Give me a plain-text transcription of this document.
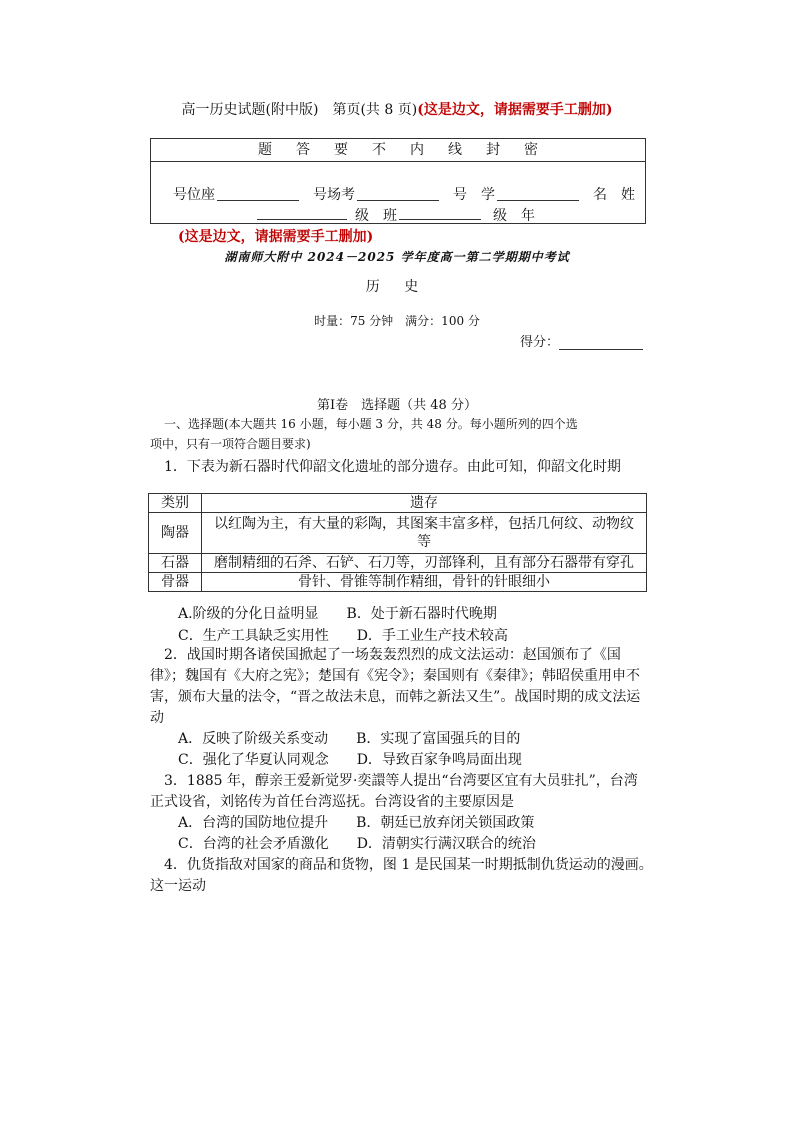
高一历史试题(附中版)　第页(共 8 页)(这是边文，请据需要手工删加)
题 答 要 不 内 线 封 密
号位座	号场考	号　学	名　姓
级　班	级　年
(这是边文，请据需要手工删加)
湖南师大附中 2024－2025 学年度高一第二学期期中考试
历 史
时量：75 分钟　满分：100 分
得分：
第Ⅰ卷　选择题（共 48 分）
一、选择题(本大题共 16 小题，每小题 3 分，共 48 分。每小题所列的四个选
项中，只有一项符合题目要求)
1．下表为新石器时代仰韶文化遗址的部分遗存。由此可知，仰韶文化时期
类别	遗存
陶器	以红陶为主，有大量的彩陶，其图案丰富多样，包括几何纹、动物纹等
石器	磨制精细的石斧、石铲、石刀等，刃部锋利，且有部分石器带有穿孔
骨器	骨针、骨锥等制作精细，骨针的针眼细小
A.阶级的分化日益明显　　B．处于新石器时代晚期
C．生产工具缺乏实用性　　D．手工业生产技术较高
2．战国时期各诸侯国掀起了一场轰轰烈烈的成文法运动：赵国颁布了《国
律》；魏国有《大府之宪》；楚国有《宪令》；秦国则有《秦律》；韩昭侯重用申不
害，颁布大量的法令，“晋之故法未息，而韩之新法又生”。战国时期的成文法运
动
A．反映了阶级关系变动　　B．实现了富国强兵的目的
C．强化了华夏认同观念　　D．导致百家争鸣局面出现
3．1885 年，醇亲王爱新觉罗·奕譞等人提出“台湾要区宜有大员驻扎”，台湾
正式设省，刘铭传为首任台湾巡抚。台湾设省的主要原因是
A．台湾的国防地位提升　　B．朝廷已放弃闭关锁国政策
C．台湾的社会矛盾激化　　D．清朝实行满汉联合的统治
4．仇货指敌对国家的商品和货物，图 1 是民国某一时期抵制仇货运动的漫画。
这一运动
